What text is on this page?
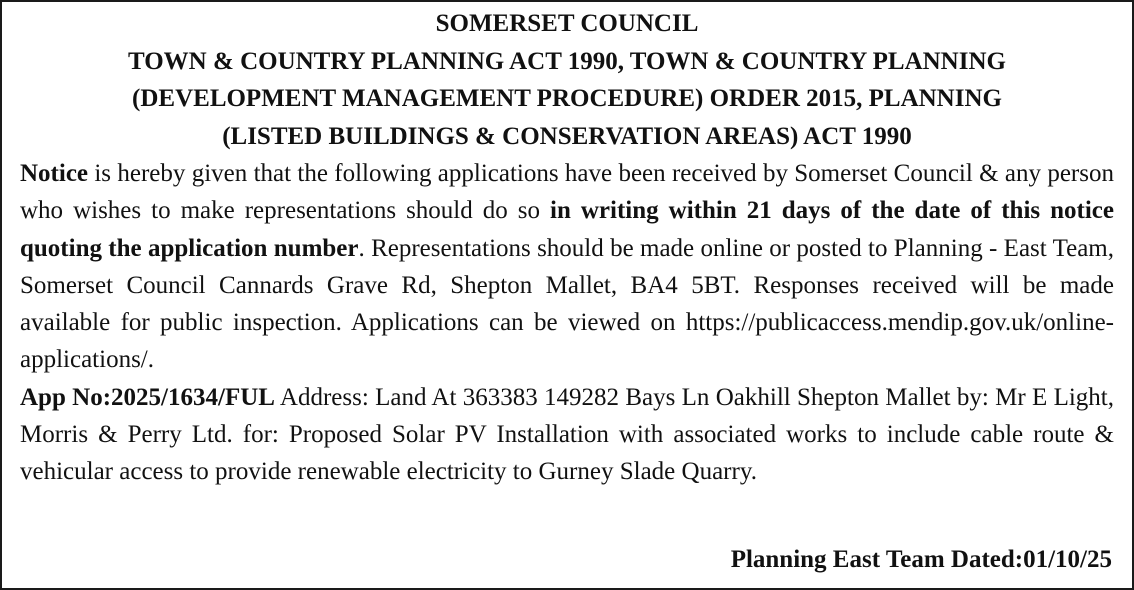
SOMERSET COUNCIL
TOWN & COUNTRY PLANNING ACT 1990, TOWN & COUNTRY PLANNING
(DEVELOPMENT MANAGEMENT PROCEDURE) ORDER 2015, PLANNING
(LISTED BUILDINGS & CONSERVATION AREAS) ACT 1990

Notice is hereby given that the following applications have been received by Somerset Council & any person who wishes to make representations should do so in writing within 21 days of the date of this notice quoting the application number. Representations should be made online or posted to Planning - East Team, Somerset Council Cannards Grave Rd, Shepton Mallet, BA4 5BT. Responses received will be made available for public inspection. Applications can be viewed on https://publicaccess.mendip.gov.uk/online-applications/.

App No:2025/1634/FUL Address: Land At 363383 149282 Bays Ln Oakhill Shepton Mallet by: Mr E Light, Morris & Perry Ltd. for: Proposed Solar PV Installation with associated works to include cable route & vehicular access to provide renewable electricity to Gurney Slade Quarry.

Planning East Team Dated:01/10/25
